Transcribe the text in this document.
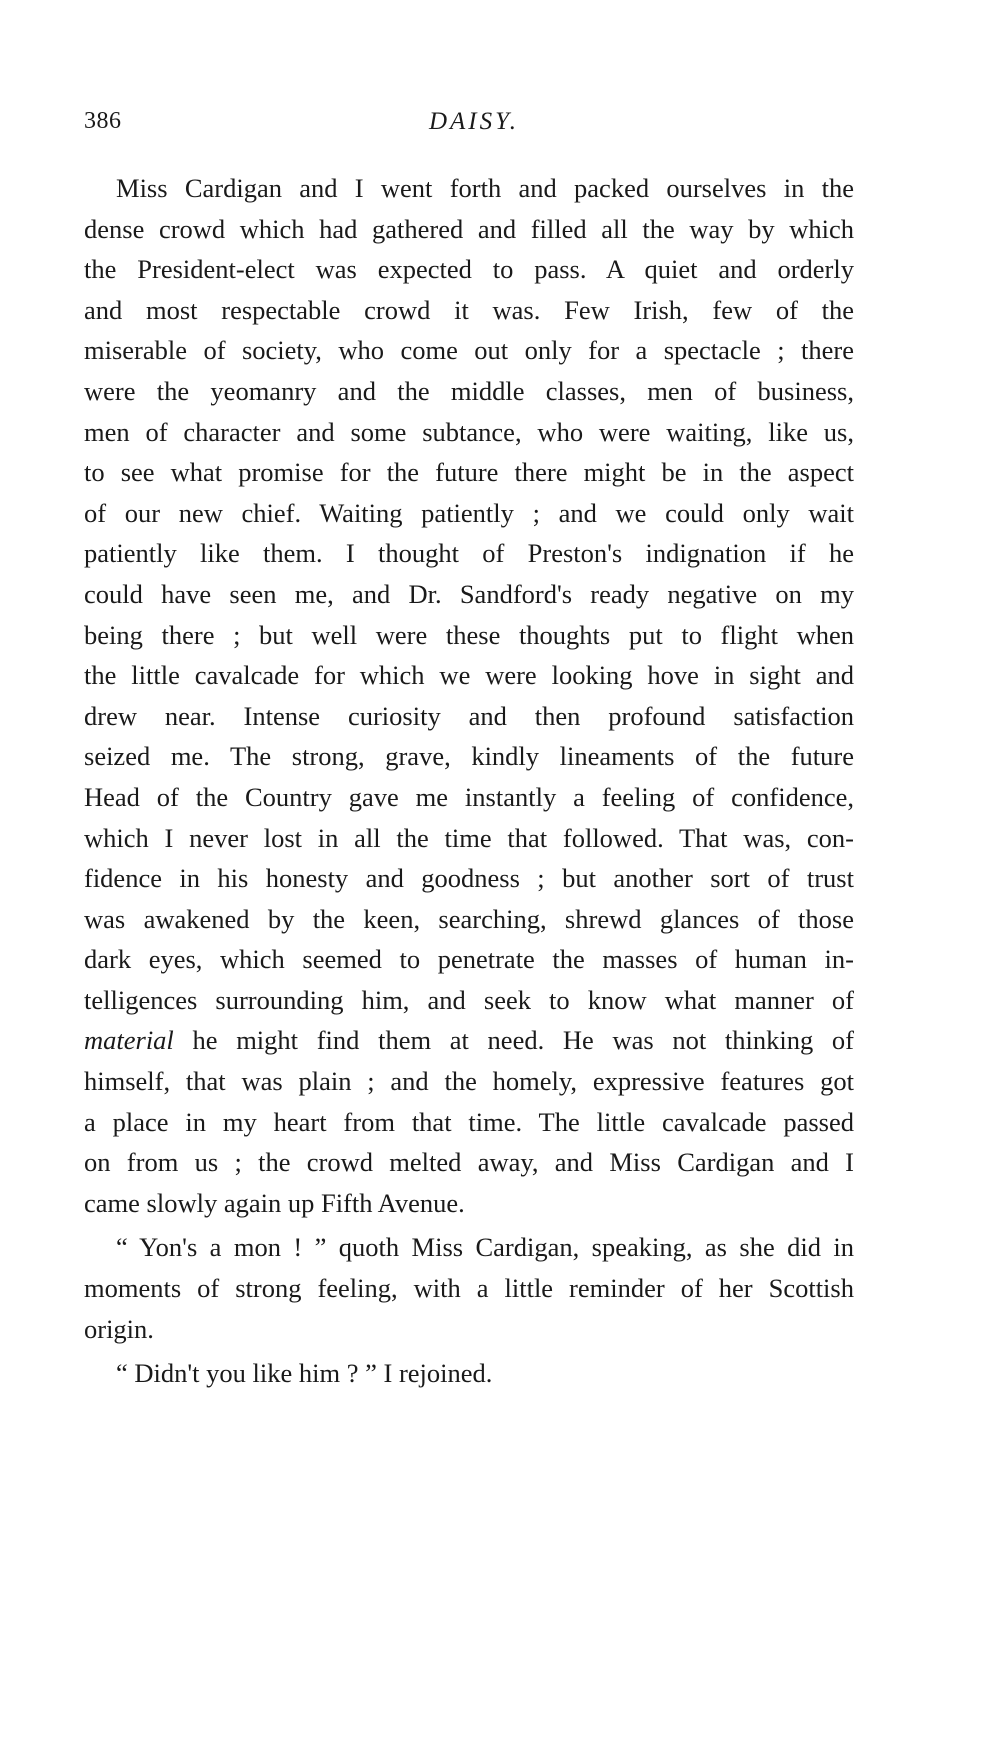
386	DAISY.
Miss Cardigan and I went forth and packed ourselves in the
dense crowd which had gathered and filled all the way by which
the President-elect was expected to pass. A quiet and orderly
and most respectable crowd it was. Few Irish, few of the
miserable of society, who come out only for a spectacle ; there
were the yeomanry and the middle classes, men of business,
men of character and some subtance, who were waiting, like us,
to see what promise for the future there might be in the aspect
of our new chief. Waiting patiently ; and we could only wait
patiently like them. I thought of Preston's indignation if he
could have seen me, and Dr. Sandford's ready negative on my
being there ; but well were these thoughts put to flight when
the little cavalcade for which we were looking hove in sight and
drew near. Intense curiosity and then profound satisfaction
seized me. The strong, grave, kindly lineaments of the future
Head of the Country gave me instantly a feeling of confidence,
which I never lost in all the time that followed. That was, con-
fidence in his honesty and goodness ; but another sort of trust
was awakened by the keen, searching, shrewd glances of those
dark eyes, which seemed to penetrate the masses of human in-
telligences surrounding him, and seek to know what manner of
material he might find them at need. He was not thinking of
himself, that was plain ; and the homely, expressive features got
a place in my heart from that time. The little cavalcade passed
on from us ; the crowd melted away, and Miss Cardigan and I
came slowly again up Fifth Avenue.
“ Yon's a mon ! ” quoth Miss Cardigan, speaking, as she did in
moments of strong feeling, with a little reminder of her Scottish
origin.
“ Didn't you like him ? ” I rejoined.
